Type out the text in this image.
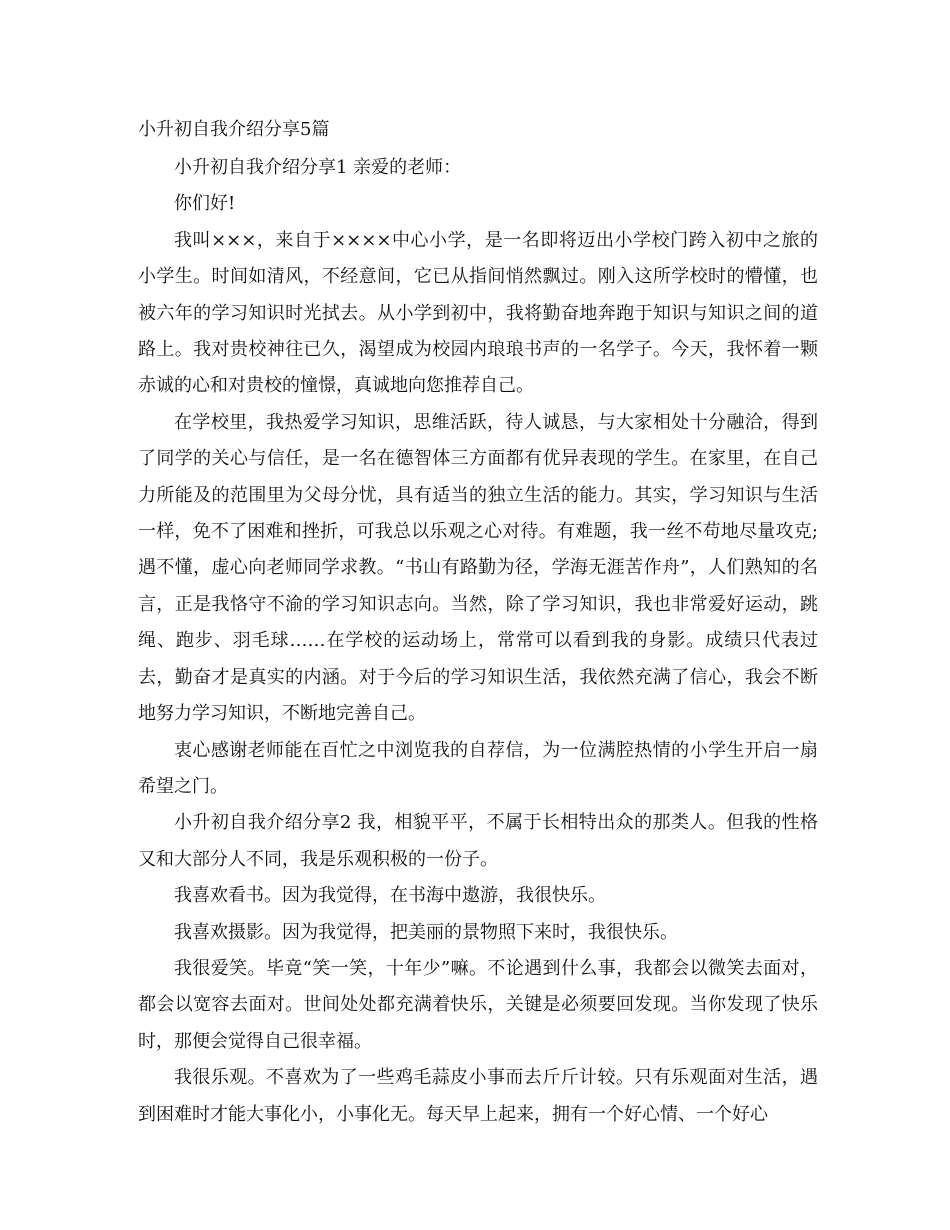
小升初自我介绍分享5篇

小升初自我介绍分享1 亲爱的老师：

你们好!

我叫×××，来自于××××中心小学，是一名即将迈出小学校门跨入初中之旅的小学生。时间如清风，不经意间，它已从指间悄然飘过。刚入这所学校时的懵懂，也被六年的学习知识时光拭去。从小学到初中，我将勤奋地奔跑于知识与知识之间的道路上。我对贵校神往已久，渴望成为校园内琅琅书声的一名学子。今天，我怀着一颗赤诚的心和对贵校的憧憬，真诚地向您推荐自己。

在学校里，我热爱学习知识，思维活跃，待人诚恳，与大家相处十分融洽，得到了同学的关心与信任，是一名在德智体三方面都有优异表现的学生。在家里，在自己力所能及的范围里为父母分忧，具有适当的独立生活的能力。其实，学习知识与生活一样，免不了困难和挫折，可我总以乐观之心对待。有难题，我一丝不苟地尽量攻克;遇不懂，虚心向老师同学求教。“书山有路勤为径，学海无涯苦作舟”，人们熟知的名言，正是我恪守不渝的学习知识志向。当然，除了学习知识，我也非常爱好运动，跳绳、跑步、羽毛球……在学校的运动场上，常常可以看到我的身影。成绩只代表过去，勤奋才是真实的内涵。对于今后的学习知识生活，我依然充满了信心，我会不断地努力学习知识，不断地完善自己。

衷心感谢老师能在百忙之中浏览我的自荐信，为一位满腔热情的小学生开启一扇希望之门。

小升初自我介绍分享2 我，相貌平平，不属于长相特出众的那类人。但我的性格又和大部分人不同，我是乐观积极的一份子。

我喜欢看书。因为我觉得，在书海中遨游，我很快乐。

我喜欢摄影。因为我觉得，把美丽的景物照下来时，我很快乐。

我很爱笑。毕竟“笑一笑，十年少”嘛。不论遇到什么事，我都会以微笑去面对，都会以宽容去面对。世间处处都充满着快乐，关键是必须要回发现。当你发现了快乐时，那便会觉得自己很幸福。

我很乐观。不喜欢为了一些鸡毛蒜皮小事而去斤斤计较。只有乐观面对生活，遇到困难时才能大事化小，小事化无。每天早上起来，拥有一个好心情、一个好心
